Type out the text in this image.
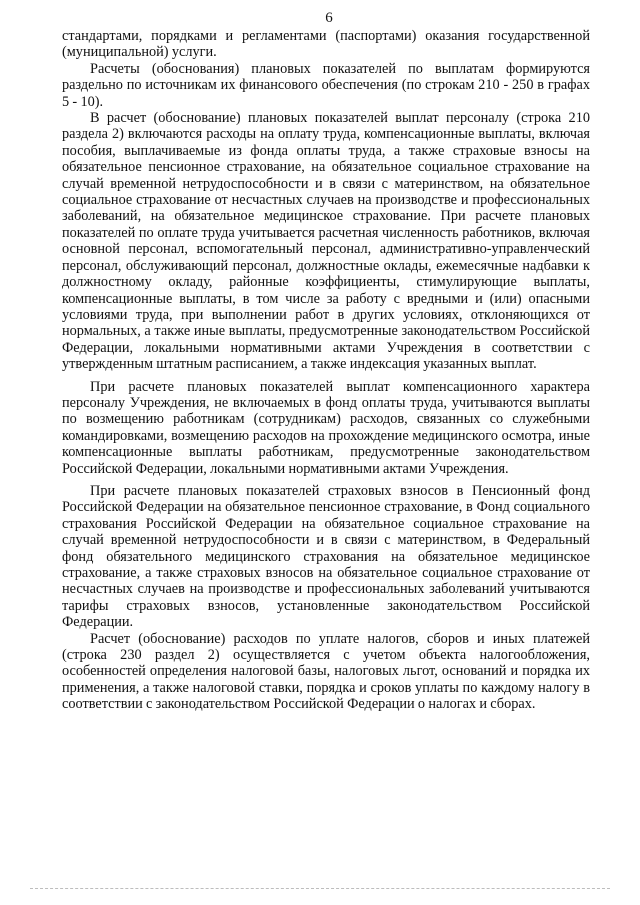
6

стандартами, порядками и регламентами (паспортами) оказания государственной (муниципальной) услуги.

Расчеты (обоснования) плановых показателей по выплатам формируются раздельно по источникам их финансового обеспечения (по строкам 210 - 250 в графах 5 - 10).

В расчет (обоснование) плановых показателей выплат персоналу (строка 210 раздела 2) включаются расходы на оплату труда, компенсационные выплаты, включая пособия, выплачиваемые из фонда оплаты труда, а также страховые взносы на обязательное пенсионное страхование, на обязательное социальное страхование на случай временной нетрудоспособности и в связи с материнством, на обязательное социальное страхование от несчастных случаев на производстве и профессиональных заболеваний, на обязательное медицинское страхование. При расчете плановых показателей по оплате труда учитывается расчетная численность работников, включая основной персонал, вспомогательный персонал, административно-управленческий персонал, обслуживающий персонал, должностные оклады, ежемесячные надбавки к должностному окладу, районные коэффициенты, стимулирующие выплаты, компенсационные выплаты, в том числе за работу с вредными и (или) опасными условиями труда, при выполнении работ в других условиях, отклоняющихся от нормальных, а также иные выплаты, предусмотренные законодательством Российской Федерации, локальными нормативными актами Учреждения в соответствии с утвержденным штатным расписанием, а также индексация указанных выплат.

При расчете плановых показателей выплат компенсационного характера персоналу Учреждения, не включаемых в фонд оплаты труда, учитываются выплаты по возмещению работникам (сотрудникам) расходов, связанных со служебными командировками, возмещению расходов на прохождение медицинского осмотра, иные компенсационные выплаты работникам, предусмотренные законодательством Российской Федерации, локальными нормативными актами Учреждения.

При расчете плановых показателей страховых взносов в Пенсионный фонд Российской Федерации на обязательное пенсионное страхование, в Фонд социального страхования Российской Федерации на обязательное социальное страхование на случай временной нетрудоспособности и в связи с материнством, в Федеральный фонд обязательного медицинского страхования на обязательное медицинское страхование, а также страховых взносов на обязательное социальное страхование от несчастных случаев на производстве и профессиональных заболеваний учитываются тарифы страховых взносов, установленные законодательством Российской Федерации.

Расчет (обоснование) расходов по уплате налогов, сборов и иных платежей (строка 230 раздел 2) осуществляется с учетом объекта налогообложения, особенностей определения налоговой базы, налоговых льгот, оснований и порядка их применения, а также налоговой ставки, порядка и сроков уплаты по каждому налогу в соответствии с законодательством Российской Федерации о налогах и сборах.
